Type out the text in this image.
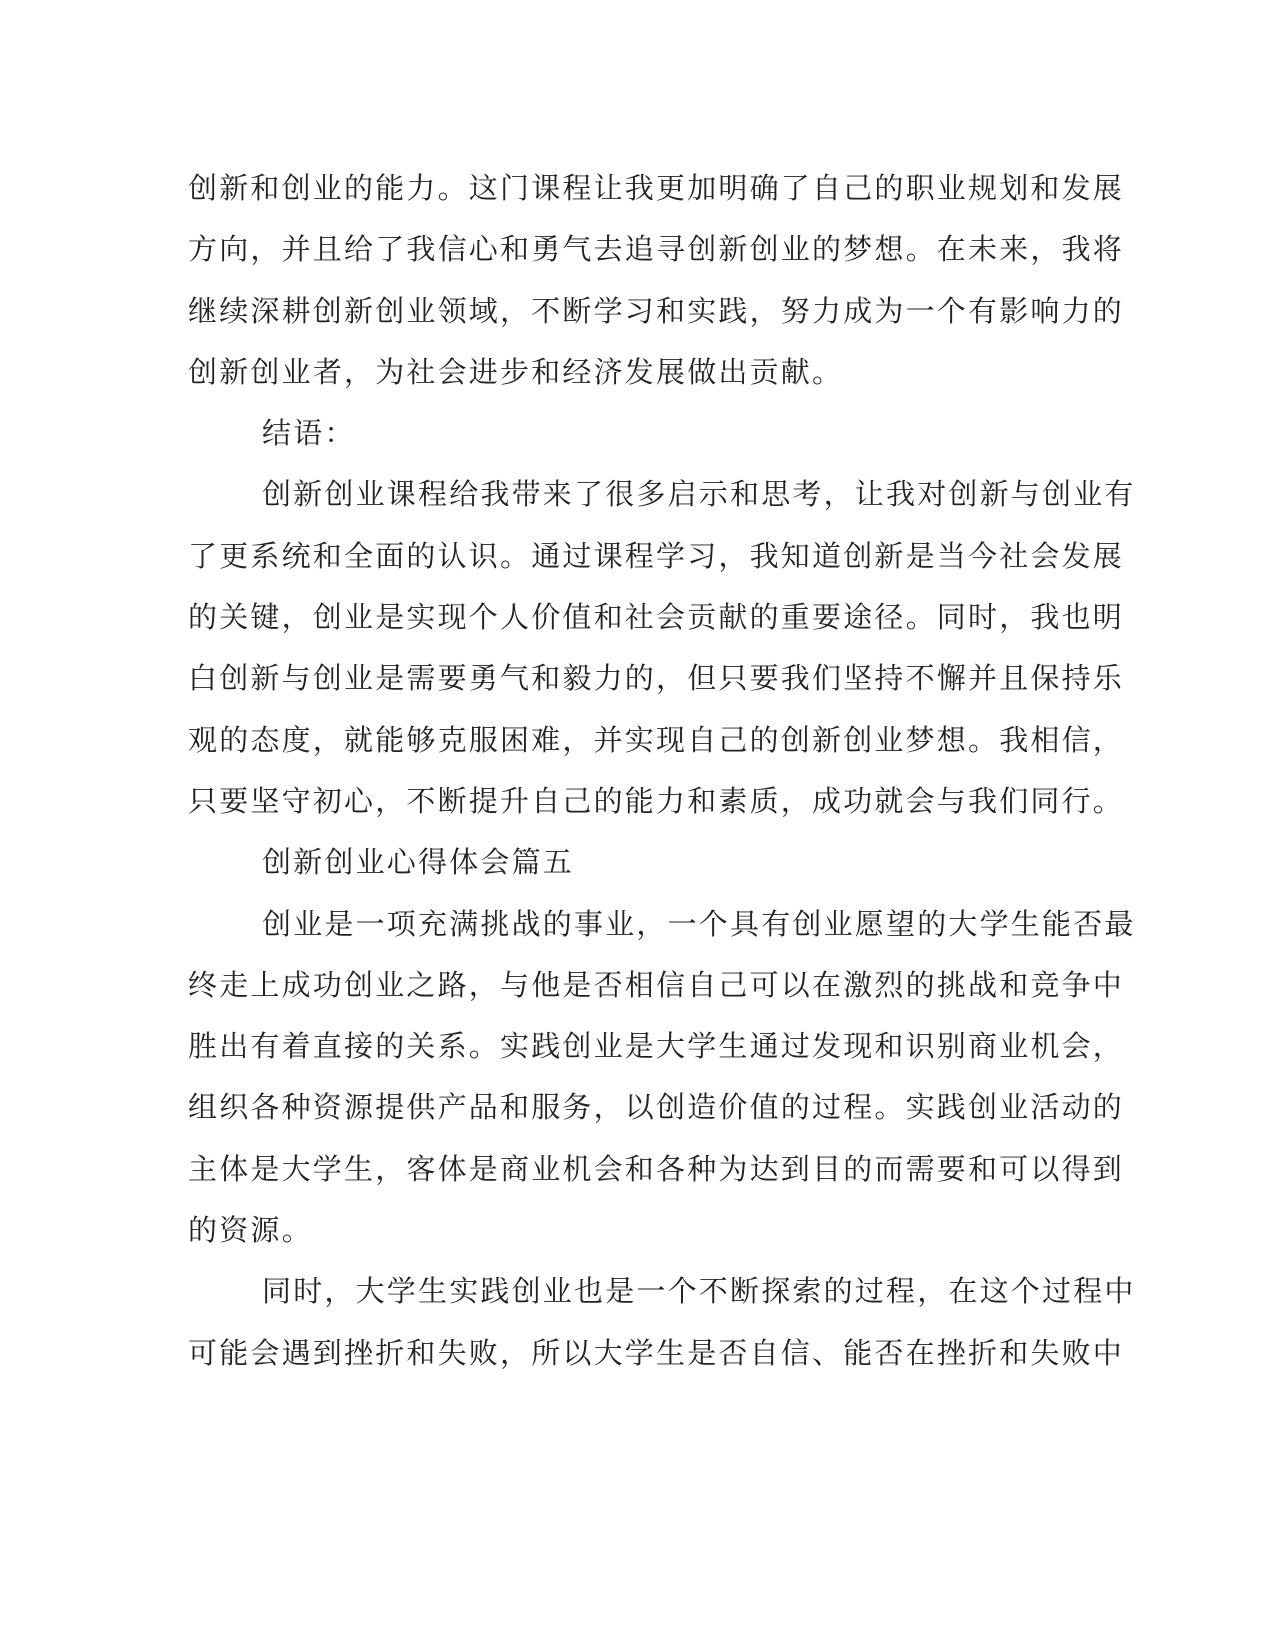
创新和创业的能力。这门课程让我更加明确了自己的职业规划和发展
方向，并且给了我信心和勇气去追寻创新创业的梦想。在未来，我将
继续深耕创新创业领域，不断学习和实践，努力成为一个有影响力的
创新创业者，为社会进步和经济发展做出贡献。
结语：
创新创业课程给我带来了很多启示和思考，让我对创新与创业有
了更系统和全面的认识。通过课程学习，我知道创新是当今社会发展
的关键，创业是实现个人价值和社会贡献的重要途径。同时，我也明
白创新与创业是需要勇气和毅力的，但只要我们坚持不懈并且保持乐
观的态度，就能够克服困难，并实现自己的创新创业梦想。我相信，
只要坚守初心，不断提升自己的能力和素质，成功就会与我们同行。
创新创业心得体会篇五
创业是一项充满挑战的事业，一个具有创业愿望的大学生能否最
终走上成功创业之路，与他是否相信自己可以在激烈的挑战和竞争中
胜出有着直接的关系。实践创业是大学生通过发现和识别商业机会，
组织各种资源提供产品和服务，以创造价值的过程。实践创业活动的
主体是大学生，客体是商业机会和各种为达到目的而需要和可以得到
的资源。
同时，大学生实践创业也是一个不断探索的过程，在这个过程中
可能会遇到挫折和失败，所以大学生是否自信、能否在挫折和失败中
